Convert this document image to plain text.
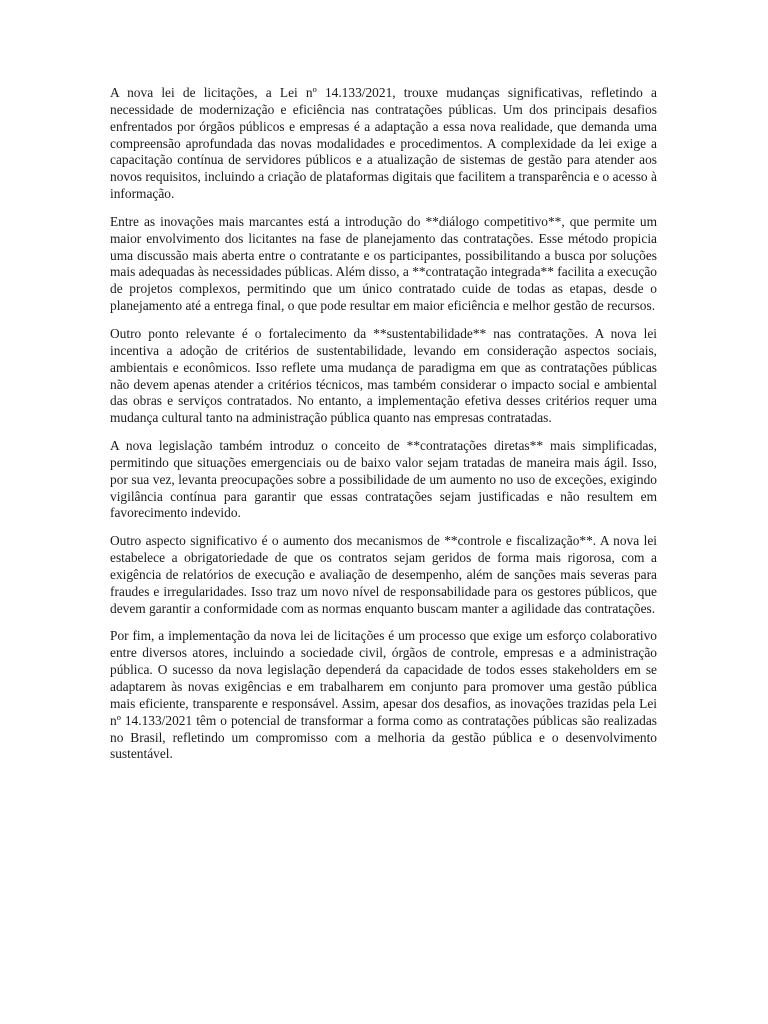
A nova lei de licitações, a Lei nº 14.133/2021, trouxe mudanças significativas, refletindo a necessidade de modernização e eficiência nas contratações públicas. Um dos principais desafios enfrentados por órgãos públicos e empresas é a adaptação a essa nova realidade, que demanda uma compreensão aprofundada das novas modalidades e procedimentos. A complexidade da lei exige a capacitação contínua de servidores públicos e a atualização de sistemas de gestão para atender aos novos requisitos, incluindo a criação de plataformas digitais que facilitem a transparência e o acesso à informação.

Entre as inovações mais marcantes está a introdução do **diálogo competitivo**, que permite um maior envolvimento dos licitantes na fase de planejamento das contratações. Esse método propicia uma discussão mais aberta entre o contratante e os participantes, possibilitando a busca por soluções mais adequadas às necessidades públicas. Além disso, a **contratação integrada** facilita a execução de projetos complexos, permitindo que um único contratado cuide de todas as etapas, desde o planejamento até a entrega final, o que pode resultar em maior eficiência e melhor gestão de recursos.

Outro ponto relevante é o fortalecimento da **sustentabilidade** nas contratações. A nova lei incentiva a adoção de critérios de sustentabilidade, levando em consideração aspectos sociais, ambientais e econômicos. Isso reflete uma mudança de paradigma em que as contratações públicas não devem apenas atender a critérios técnicos, mas também considerar o impacto social e ambiental das obras e serviços contratados. No entanto, a implementação efetiva desses critérios requer uma mudança cultural tanto na administração pública quanto nas empresas contratadas.

A nova legislação também introduz o conceito de **contratações diretas** mais simplificadas, permitindo que situações emergenciais ou de baixo valor sejam tratadas de maneira mais ágil. Isso, por sua vez, levanta preocupações sobre a possibilidade de um aumento no uso de exceções, exigindo vigilância contínua para garantir que essas contratações sejam justificadas e não resultem em favorecimento indevido.

Outro aspecto significativo é o aumento dos mecanismos de **controle e fiscalização**. A nova lei estabelece a obrigatoriedade de que os contratos sejam geridos de forma mais rigorosa, com a exigência de relatórios de execução e avaliação de desempenho, além de sanções mais severas para fraudes e irregularidades. Isso traz um novo nível de responsabilidade para os gestores públicos, que devem garantir a conformidade com as normas enquanto buscam manter a agilidade das contratações.

Por fim, a implementação da nova lei de licitações é um processo que exige um esforço colaborativo entre diversos atores, incluindo a sociedade civil, órgãos de controle, empresas e a administração pública. O sucesso da nova legislação dependerá da capacidade de todos esses stakeholders em se adaptarem às novas exigências e em trabalharem em conjunto para promover uma gestão pública mais eficiente, transparente e responsável. Assim, apesar dos desafios, as inovações trazidas pela Lei nº 14.133/2021 têm o potencial de transformar a forma como as contratações públicas são realizadas no Brasil, refletindo um compromisso com a melhoria da gestão pública e o desenvolvimento sustentável.
